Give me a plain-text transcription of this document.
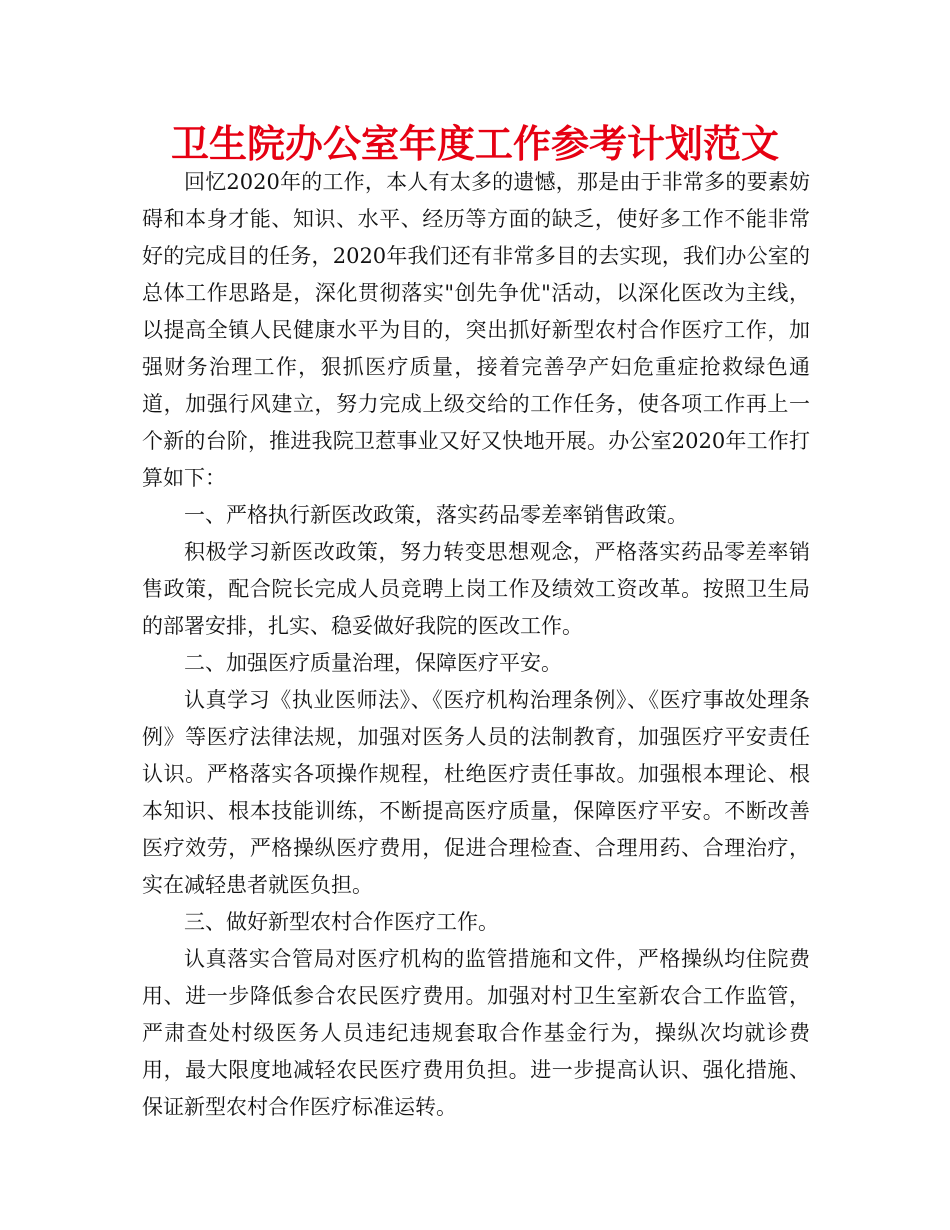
卫生院办公室年度工作参考计划范文

回忆2020年的工作，本人有太多的遗憾，那是由于非常多的要素妨碍和本身才能、知识、水平、经历等方面的缺乏，使好多工作不能非常好的完成目的任务，2020年我们还有非常多目的去实现，我们办公室的总体工作思路是，深化贯彻落实"创先争优"活动，以深化医改为主线，以提高全镇人民健康水平为目的，突出抓好新型农村合作医疗工作，加强财务治理工作，狠抓医疗质量，接着完善孕产妇危重症抢救绿色通道，加强行风建立，努力完成上级交给的工作任务，使各项工作再上一个新的台阶，推进我院卫惹事业又好又快地开展。办公室2020年工作打算如下：

一、严格执行新医改政策，落实药品零差率销售政策。

积极学习新医改政策，努力转变思想观念，严格落实药品零差率销售政策，配合院长完成人员竞聘上岗工作及绩效工资改革。按照卫生局的部署安排，扎实、稳妥做好我院的医改工作。

二、加强医疗质量治理，保障医疗平安。

认真学习《执业医师法》、《医疗机构治理条例》、《医疗事故处理条例》等医疗法律法规，加强对医务人员的法制教育，加强医疗平安责任认识。严格落实各项操作规程，杜绝医疗责任事故。加强根本理论、根本知识、根本技能训练，不断提高医疗质量，保障医疗平安。不断改善医疗效劳，严格操纵医疗费用，促进合理检查、合理用药、合理治疗，实在减轻患者就医负担。

三、做好新型农村合作医疗工作。

认真落实合管局对医疗机构的监管措施和文件，严格操纵均住院费用、进一步降低参合农民医疗费用。加强对村卫生室新农合工作监管，严肃查处村级医务人员违纪违规套取合作基金行为，操纵次均就诊费用，最大限度地减轻农民医疗费用负担。进一步提高认识、强化措施、保证新型农村合作医疗标准运转。
